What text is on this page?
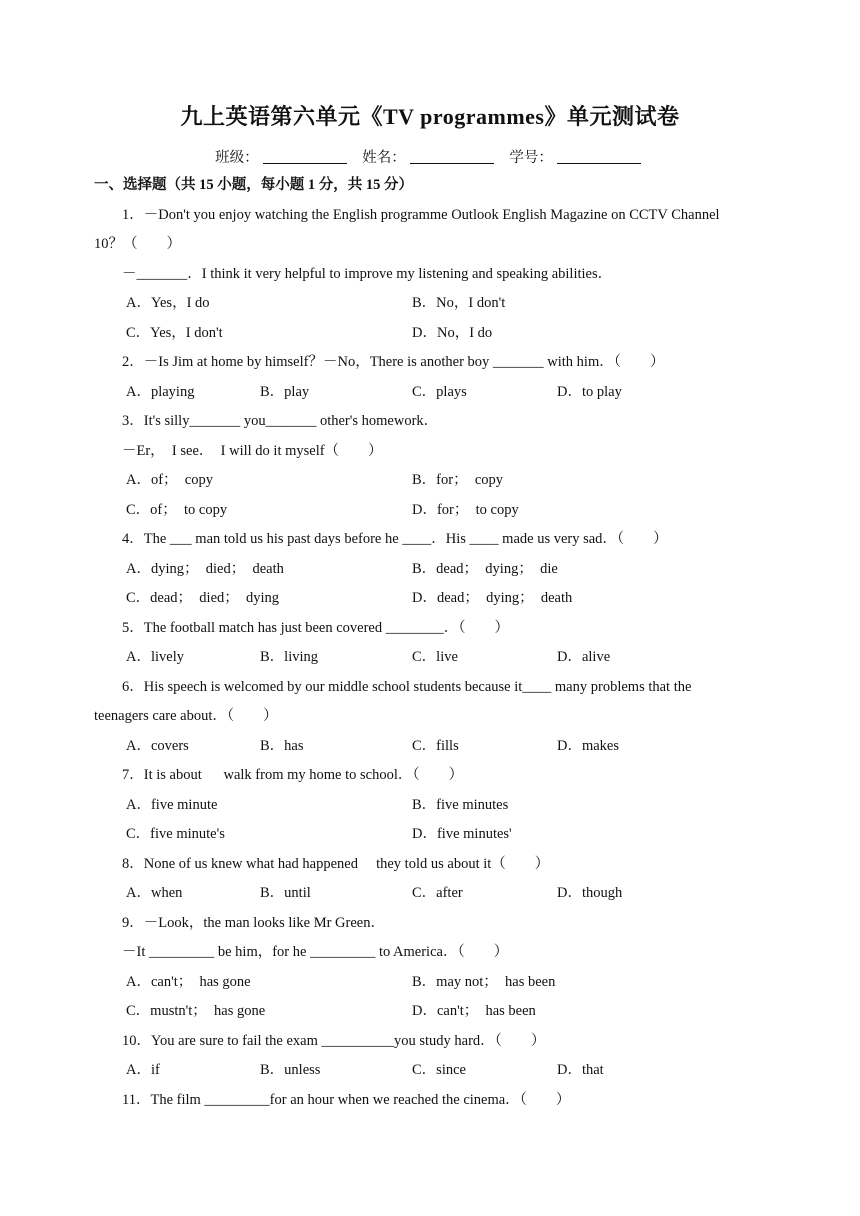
九上英语第六单元《TV programmes》单元测试卷
班级：	姓名：	学号：
一、选择题（共 15 小题，每小题 1 分，共 15 分）
1．－Don't you enjoy watching the English programme Outlook English Magazine on CCTV Channel
10？（　　）
－_______．I think it very helpful to improve my listening and speaking abilities．
A．Yes，I do	B．No，I don't
C．Yes，I don't	D．No，I do
2．－Is Jim at home by himself？－No，There is another boy _______ with him．（　　）
A．playing	B．play	C．plays	D．to play
3．It's silly_______ you_______ other's homework．
－Er，　I see．　I will do it myself（　　）
A．of；　copy	B．for；　copy
C．of；　to copy	D．for；　to copy
4．The ___ man told us his past days before he ____．His ____ made us very sad．（　　）
A．dying；　died；　death	B．dead；　dying；　die
C．dead；　died；　dying	D．dead；　dying；　death
5．The football match has just been covered ________．（　　）
A．lively	B．living	C．live	D．alive
6．His speech is welcomed by our middle school students because it____ many problems that the
teenagers care about．（　　）
A．covers	B．has	C．fills	D．makes
7．It is about 　 walk from my home to school．（　　）
A．five minute	B．five minutes
C．five minute's	D．five minutes'
8．None of us knew what had happened 　they told us about it（　　）
A．when	B．until	C．after	D．though
9．－Look，the man looks like Mr Green．
－It _________ be him，for he _________ to America．（　　）
A．can't；　has gone	B．may not；　has been
C．mustn't；　has gone	D．can't；　has been
10．You are sure to fail the exam __________you study hard．（　　）
A．if	B．unless	C．since	D．that
11．The film _________for an hour when we reached the cinema．（　　）
